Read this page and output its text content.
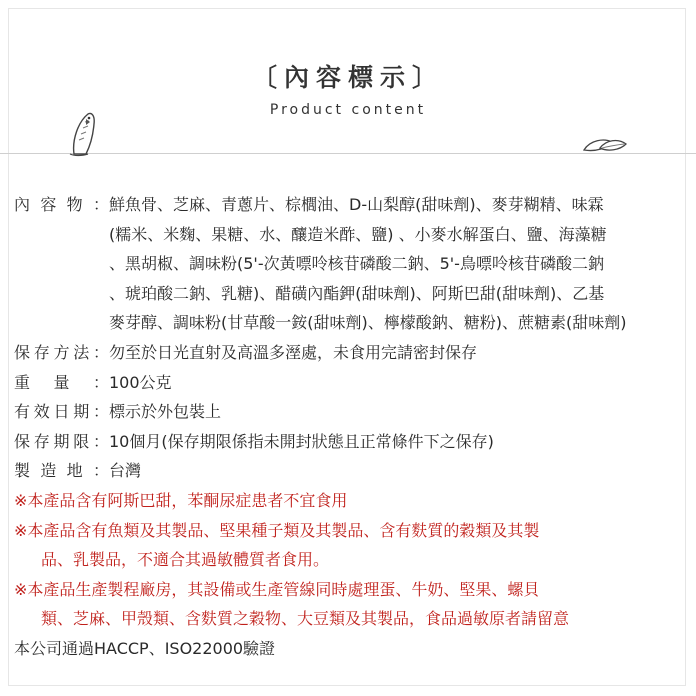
〔內容標示〕
Product content
內 容 物 ： 鮮魚骨、芝麻、青蔥片、棕櫚油、D-山梨醇(甜味劑)、麥芽糊精、味霖
(糯米、米麴、果糖、水、釀造米酢、鹽) 、小麥水解蛋白、鹽、海藻糖
、黑胡椒、調味粉(5'-次黃嘌呤核苷磷酸二鈉、5'-鳥嘌呤核苷磷酸二鈉
、琥珀酸二鈉、乳糖)、醋磺內酯鉀(甜味劑)、阿斯巴甜(甜味劑)、乙基
麥芽醇、調味粉(甘草酸一銨(甜味劑)、檸檬酸鈉、糖粉)、蔗糖素(甜味劑)
保 存 方 法 ： 勿至於日光直射及高溫多溼處，未食用完請密封保存
重 量 ： 100公克
有 效 日 期 ： 標示於外包裝上
保 存 期 限 ： 10個月(保存期限係指未開封狀態且正常條件下之保存)
製 造 地 ： 台灣
※本產品含有阿斯巴甜，苯酮尿症患者不宜食用
※本產品含有魚類及其製品、堅果種子類及其製品、含有麩質的穀類及其製
品、乳製品，不適合其過敏體質者食用。
※本產品生產製程廠房，其設備或生產管線同時處理蛋、牛奶、堅果、螺貝
類、芝麻、甲殼類、含麩質之穀物、大豆類及其製品，食品過敏原者請留意
本公司通過HACCP、ISO22000驗證
